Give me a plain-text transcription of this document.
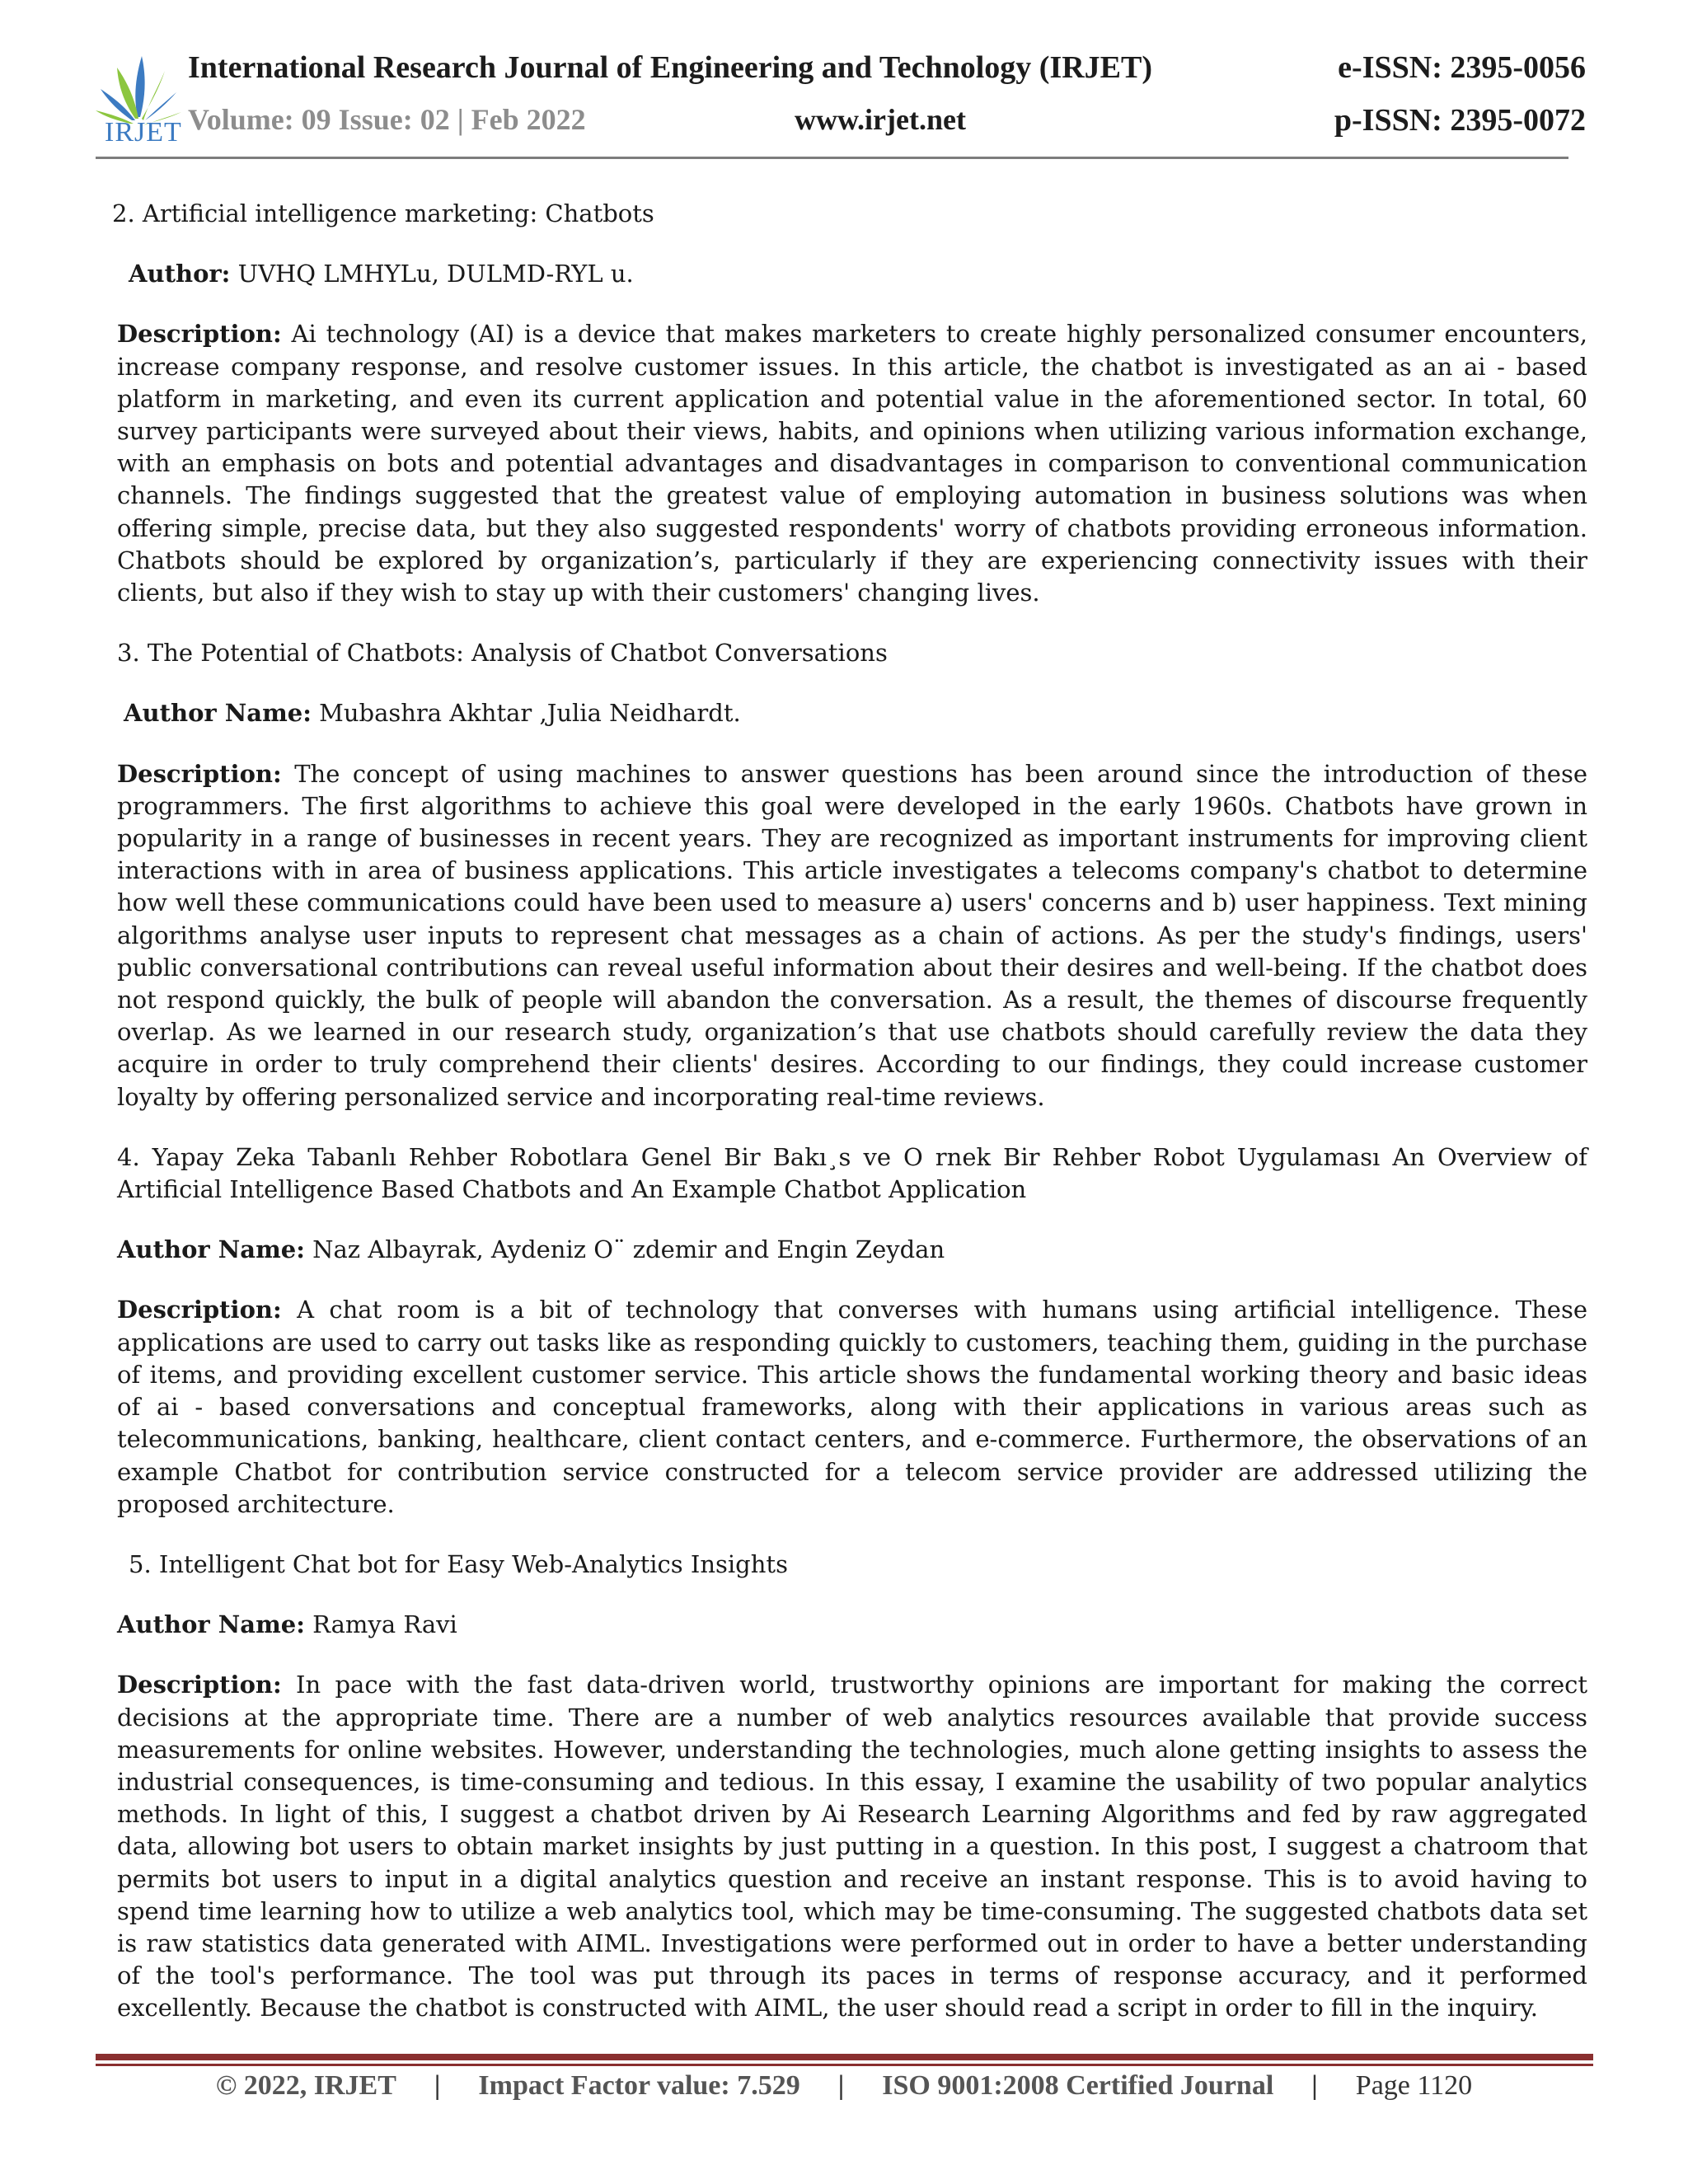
IRJET
International Research Journal of Engineering and Technology (IRJET)
Volume: 09 Issue: 02 | Feb 2022	www.irjet.net
e-ISSN: 2395-0056
p-ISSN: 2395-0072

2. Artificial intelligence marketing: Chatbots

Author: UVHQ LMHYLu, DULMD-RYL u.

Description: Ai technology (AI) is a device that makes marketers to create highly personalized consumer encounters, increase company response, and resolve customer issues. In this article, the chatbot is investigated as an ai - based platform in marketing, and even its current application and potential value in the aforementioned sector. In total, 60 survey participants were surveyed about their views, habits, and opinions when utilizing various information exchange, with an emphasis on bots and potential advantages and disadvantages in comparison to conventional communication channels. The findings suggested that the greatest value of employing automation in business solutions was when offering simple, precise data, but they also suggested respondents' worry of chatbots providing erroneous information. Chatbots should be explored by organization’s, particularly if they are experiencing connectivity issues with their clients, but also if they wish to stay up with their customers' changing lives.

3. The Potential of Chatbots: Analysis of Chatbot Conversations

Author Name: Mubashra Akhtar ,Julia Neidhardt.

Description: The concept of using machines to answer questions has been around since the introduction of these programmers. The first algorithms to achieve this goal were developed in the early 1960s. Chatbots have grown in popularity in a range of businesses in recent years. They are recognized as important instruments for improving client interactions with in area of business applications. This article investigates a telecoms company's chatbot to determine how well these communications could have been used to measure a) users' concerns and b) user happiness. Text mining algorithms analyse user inputs to represent chat messages as a chain of actions. As per the study's findings, users' public conversational contributions can reveal useful information about their desires and well-being. If the chatbot does not respond quickly, the bulk of people will abandon the conversation. As a result, the themes of discourse frequently overlap. As we learned in our research study, organization’s that use chatbots should carefully review the data they acquire in order to truly comprehend their clients' desires. According to our findings, they could increase customer loyalty by offering personalized service and incorporating real-time reviews.

4. Yapay Zeka Tabanlı Rehber Robotlara Genel Bir Bakı¸s ve O rnek Bir Rehber Robot Uygulaması An Overview of Artificial Intelligence Based Chatbots and An Example Chatbot Application

Author Name: Naz Albayrak, Aydeniz O¨ zdemir and Engin Zeydan

Description: A chat room is a bit of technology that converses with humans using artificial intelligence. These applications are used to carry out tasks like as responding quickly to customers, teaching them, guiding in the purchase of items, and providing excellent customer service. This article shows the fundamental working theory and basic ideas of ai - based conversations and conceptual frameworks, along with their applications in various areas such as telecommunications, banking, healthcare, client contact centers, and e-commerce. Furthermore, the observations of an example Chatbot for contribution service constructed for a telecom service provider are addressed utilizing the proposed architecture.

5. Intelligent Chat bot for Easy Web-Analytics Insights

Author Name: Ramya Ravi

Description: In pace with the fast data-driven world, trustworthy opinions are important for making the correct decisions at the appropriate time. There are a number of web analytics resources available that provide success measurements for online websites. However, understanding the technologies, much alone getting insights to assess the industrial consequences, is time-consuming and tedious. In this essay, I examine the usability of two popular analytics methods. In light of this, I suggest a chatbot driven by Ai Research Learning Algorithms and fed by raw aggregated data, allowing bot users to obtain market insights by just putting in a question. In this post, I suggest a chatroom that permits bot users to input in a digital analytics question and receive an instant response. This is to avoid having to spend time learning how to utilize a web analytics tool, which may be time-consuming. The suggested chatbots data set is raw statistics data generated with AIML. Investigations were performed out in order to have a better understanding of the tool's performance. The tool was put through its paces in terms of response accuracy, and it performed excellently. Because the chatbot is constructed with AIML, the user should read a script in order to fill in the inquiry.

© 2022, IRJET | Impact Factor value: 7.529 | ISO 9001:2008 Certified Journal | Page 1120
